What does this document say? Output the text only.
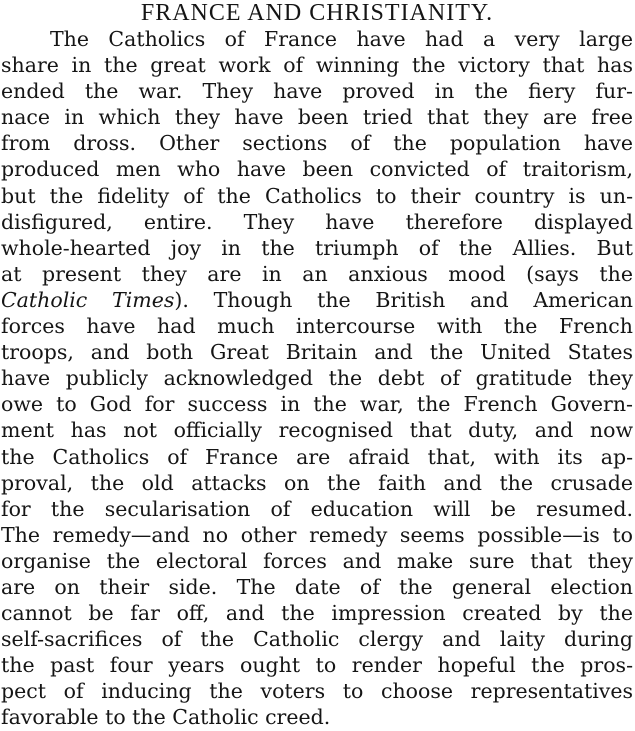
FRANCE AND CHRISTIANITY.
The Catholics of France have had a very large
share in the great work of winning the victory that has
ended the war. They have proved in the fiery fur-
nace in which they have been tried that they are free
from dross. Other sections of the population have
produced men who have been convicted of traitorism,
but the fidelity of the Catholics to their country is un-
disfigured, entire. They have therefore displayed
whole-hearted joy in the triumph of the Allies. But
at present they are in an anxious mood (says the
Catholic Times). Though the British and American
forces have had much intercourse with the French
troops, and both Great Britain and the United States
have publicly acknowledged the debt of gratitude they
owe to God for success in the war, the French Govern-
ment has not officially recognised that duty, and now
the Catholics of France are afraid that, with its ap-
proval, the old attacks on the faith and the crusade
for the secularisation of education will be resumed.
The remedy—and no other remedy seems possible—is to
organise the electoral forces and make sure that they
are on their side. The date of the general election
cannot be far off, and the impression created by the
self-sacrifices of the Catholic clergy and laity during
the past four years ought to render hopeful the pros-
pect of inducing the voters to choose representatives
favorable to the Catholic creed.
